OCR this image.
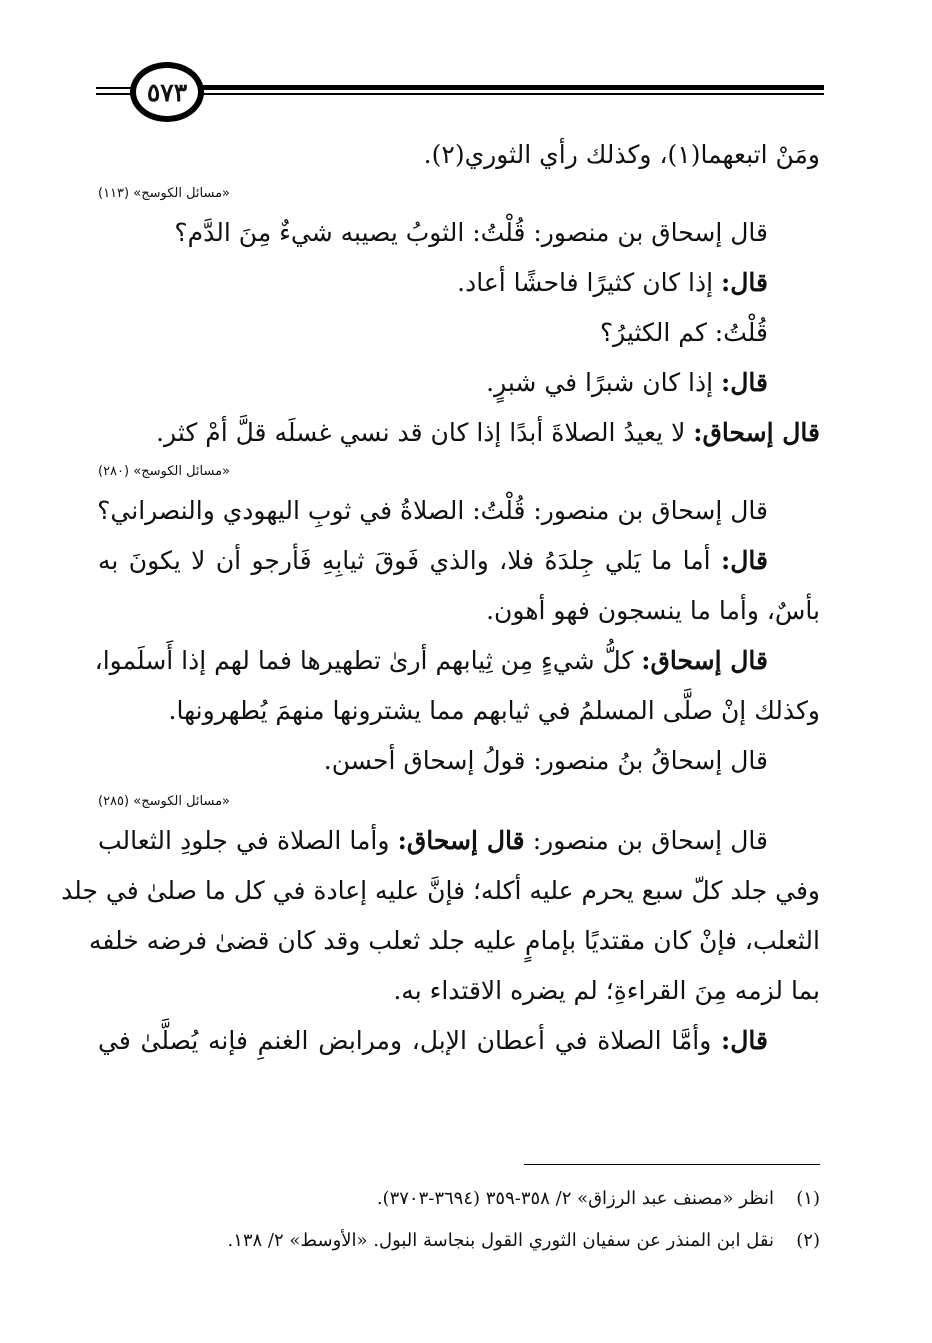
٥٧٣
ومَنْ اتبعهما(١)، وكذلك رأي الثوري(٢).
«مسائل الكوسج» (١١٣)
قال إسحاق بن منصور: قُلْتُ: الثوبُ يصيبه شيءٌ مِنَ الدَّم؟
قال: إذا كان كثيرًا فاحشًا أعاد.
قُلْتُ: كم الكثيرُ؟
قال: إذا كان شبرًا في شبرٍ.
قال إسحاق: لا يعيدُ الصلاةَ أبدًا إذا كان قد نسي غسلَه قلَّ أمْ كثر.
«مسائل الكوسج» (٢٨٠)
قال إسحاق بن منصور: قُلْتُ: الصلاةُ في ثوبِ اليهودي والنصراني؟
قال: أما ما يَلي جِلدَهُ فلا، والذي فَوقَ ثيابِهِ فَأرجو أن لا يكونَ به
بأسٌ، وأما ما ينسجون فهو أهون.
قال إسحاق: كلُّ شيءٍ مِن ثِيابهم أرىٰ تطهيرها فما لهم إذا أَسلَموا،
وكذلك إنْ صلَّى المسلمُ في ثيابهم مما يشترونها منهمَ يُطهرونها.
قال إسحاقُ بنُ منصور: قولُ إسحاق أحسن.
«مسائل الكوسج» (٢٨٥)
قال إسحاق بن منصور: قال إسحاق: وأما الصلاة في جلودِ الثعالب
وفي جلد كلّ سبع يحرم عليه أكله؛ فإنَّ عليه إعادة في كل ما صلىٰ في جلد
الثعلب، فإنْ كان مقتديًا بإمامٍ عليه جلد ثعلب وقد كان قضىٰ فرضه خلفه
بما لزمه مِنَ القراءةِ؛ لم يضره الاقتداء به.
قال: وأمَّا الصلاة في أعطان الإبل، ومرابض الغنمِ فإنه يُصلَّىٰ في
(١)انظر «مصنف عبد الرزاق» ٢/ ٣٥٨-٣٥٩ (٣٦٩٤-٣٧٠٣).
(٢)نقل ابن المنذر عن سفيان الثوري القول بنجاسة البول. «الأوسط» ٢/ ١٣٨.
